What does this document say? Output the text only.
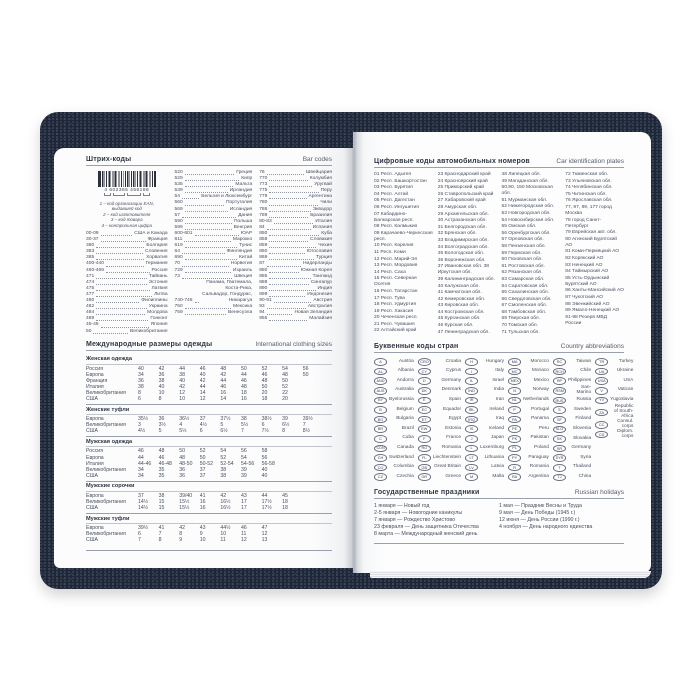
Штрих-коды	Bar codes
4 602365 456186
1 – код организации EAN,
выдавшей код
2 – код изготовителя
3 – код товара
4 – контрольная цифра
00-09	США и Канада
30-37	Франция
380	Болгария
383	Словения
385	Хорватия
400-440	Германия
460-469	Россия
471	Тайвань
474	Эстония
475	Латвия
477	Литва
480	Филиппины
482	Украина
484	Молдова
489	Гонконг
45-49	Япония
50	Великобритания
520	Греция
529	Кипр
535	Мальта
539	Ирландия
54	Бельгия и Люксембург
560	Португалия
569	Исландия
57	Дания
590	Польша
599	Венгрия
600-601	ЮАР
611	Марокко
619	Тунис
64	Финляндия
690	Китай
70	Норвегия
729	Израиль
73	Швеция
740-745
Панама, Гватемала, Коста-Рика, Сальвадор, Гондурас, Никарагуа
750	Мексика
759	Венесуэла
76	Швейцария
770	Колумбия
773	Уругвай
775	Перу
779	Аргентина
780	Чили
786	Эквадор
789	Бразилия
80-83	Италия
84	Испания
850	Куба
858	Словакия
859	Чехия
860	Югославия
869	Турция
87	Нидерланды
880	Южная Корея
885	Таиланд
888	Сингапур
890	Индия
899	Индонезия
90-91	Австрия
93	Австралия
94	Новая Зеландия
955	Малайзия
Международные размеры одежды	International clothing sizes
Женская одежда
Россия	40	42	44	46	48	50	52	54	56
Европа	34	36	38	40	42	44	46	48	50
Франция	36	38	40	42	44	46	48	50
Италия	38	40	42	44	46	48	50	52
Великобритания	8	10	12	14	16	18	20	22
США	6	8	10	12	14	16	18	20
Женские туфли
Европа	35½	36	36½	37	37½	38	38½	39	39½
Великобритания	3	3½	4	4½	5	5½	6	6½	7
США	4½	5	5½	6	6½	7	7½	8	8½
Мужская одежда
Россия	46	48	50	52	54	56	58
Европа	44	46	48	50	52	54	56
Италия	44-46	46-48	48-50	50-52	52-54	54-56	56-58
Великобритания	34	35	36	37	38	39	40
США	34	35	36	37	38	39	40
Мужские сорочки
Европа	37	38	39/40	41	42	43	44	45
Великобритания	14½	15	15½	16	16½	17	17½	18
США	14½	15	15½	16	16½	17	17½	18
Мужские туфли
Европа	39½	41	42	43	44½	46	47
Великобритания	6	7	8	9	10	11	12
США	7	8	9	10	11	12	13
Цифровые коды автомобильных номеров	Car identification plates
01 Респ. Адыгея
02 Респ. Башкортостан
03 Респ. Бурятия
04 Респ. Алтай
05 Респ. Дагестан
06 Респ. Ингушетия
07 Кабардино-Балкарская респ.
08 Респ. Калмыкия
09 Карачаево-Черкесская респ.
10 Респ. Карелия
11 Респ. Коми
12 Респ. Марий-Эл
13 Респ. Мордовия
14 Респ. Саха
15 Респ. Северная Осетия
16 Респ. Татарстан
17 Респ. Тува
18 Респ. Удмуртия
19 Респ. Хакасия
20 Чеченская респ.
21 Респ. Чувашия
22 Алтайский край
23 Краснодарский край
24 Красноярский край
25 Приморский край
26 Ставропольский край
27 Хабаровский край
28 Амурская обл.
29 Архангельская обл.
30 Астраханская обл.
31 Белгородская обл.
32 Брянская обл.
33 Владимирская обл.
34 Волгоградская обл.
35 Вологодская обл.
36 Воронежская обл.
37 Ивановская обл. 38 Иркутская обл.
39 Калининградская обл.
40 Калужская обл.
41 Камчатская обл.
42 Кемеровская обл.
43 Кировская обл.
44 Костромская обл.
45 Курганская обл.
46 Курская обл.
47 Ленинградская обл.
48 Липецкая обл.
49 Магаданская обл.
50,90, 150 Московская обл.
51 Мурманская обл.
52 Нижегородская обл.
53 Новгородская обл.
54 Новосибирская обл.
55 Омская обл.
56 Оренбургская обл.
57 Орловская обл.
58 Пензенская обл.
59 Пермская обл.
60 Псковская обл.
61 Ростовская обл.
62 Рязанская обл.
63 Самарская обл.
64 Саратовская обл.
65 Сахалинская обл.
66 Свердловская обл.
67 Смоленская обл.
68 Тамбовская обл.
69 Тверская обл.
70 Томская обл.
71 Тульская обл.
72 Тюменская обл.
73 Ульяновская обл.
74 Челябинская обл.
75 Читинская обл.
76 Ярославская обл.
77, 97, 99, 177 город Москва
78 город Санкт-Петербург
79 Еврейская авт. обл.
80 Агинский Бурятский АО
81 Коми-Пермяцкий АО
82 Корякский АО
83 Ненецкий АО
84 Таймырский АО
85 Усть-Ордынский Бурятский АО
86 Ханты-Мансийский АО
87 Чукотский АО
88 Эвенкийский АО
89 Ямало-Ненецкий АО
91-98 Резерв МВД России
Буквенные коды стран	Country abbreviations
A	Austria
AL	Albania
AND	Andorra
AUS	Australia
BY	Byelorussia
B	Belgium
BG	Bulgaria
BR	Brazil
C	Cuba
CDN	Canada
CH	Switzerland
CO	Columbia
CZ	Czechia
CRO	Croatia
CY	Cyprus
D	Germany
DK	Denmark
E	Spain
EC	Equador
ET	Egypt
EW	Estonia
F	France
RO	Romania
FL	Liechtenstein
GB	Great Britain
GR	Greece
H	Hungary
I	Italy
IL	Israel
IND	India
IR	Iran
IRL	Ireland
IRQ	Iraq
IS	Iceland
J	Japan
L	Luxemburg
LT	Lithuania
LV	Latvia
M	Malta
MA	Morocco
MC	Monaco
MEX	Mexico
N	Norway
NL	Netherlands
P	Portugal
PA	Panama
PE	Peru
PK	Pakistan
PL	Poland
PY	Paraguay
R	Romania
RA	Argentina
RC	Taiwan
RCH	Chile
RP	Philippines
RSM
San-Marino
RUS	Russia
S	Sweden
SF	Finland
SLO	Slovenia
SK	Slovakia
SR	Germany
SYR	Syria
T	Thailand
TJ	China
TR	Turkey
UA	Ukraine
USA	USA
V	Vatican
YV	Yugoslavia
ZA
Republic of South-Africa
CC
Consul. corps
CD
Diplom. corps
Государственные праздники	Russian holidays
1 января — Новый год
2-5 января — Новогодние каникулы
7 января — Рождество Христово
23 февраля — День защитника Отечества
8 марта — Международный женский день
1 мая — Праздник Весны и Труда
9 мая — День Победы (1945 г.)
12 июня — День России (1990 г.)
4 ноября — День народного единства
